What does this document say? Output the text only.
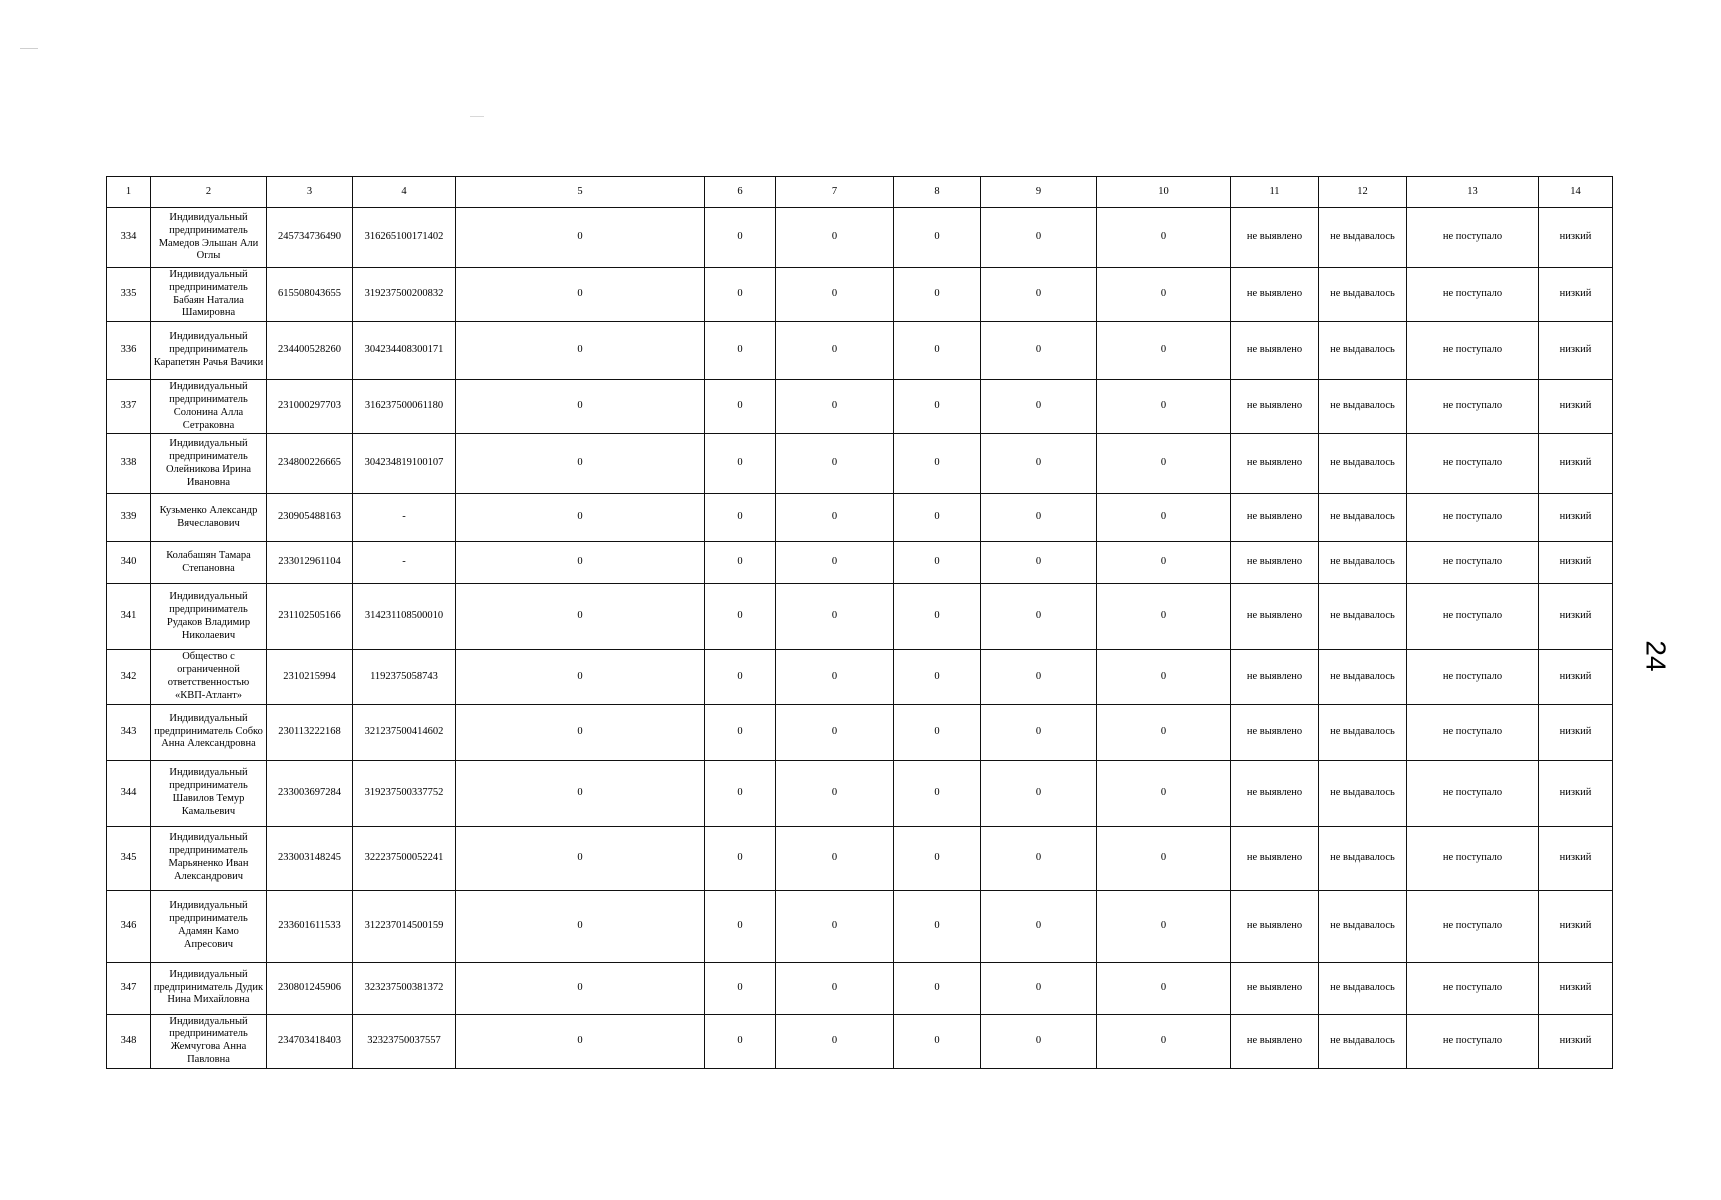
1	2	3	4	5	6	7	8	9	10	11	12	13	14
334	Индивидуальный предприниматель Мамедов Эльшан Али Оглы	245734736490	316265100171402	0	0	0	0	0	0	не выявлено	не выдавалось	не поступало	низкий
335	Индивидуальный предприниматель Бабаян Наталиа Шамировна	615508043655	319237500200832	0	0	0	0	0	0	не выявлено	не выдавалось	не поступало	низкий
336	Индивидуальный предприниматель Карапетян Рачья Вачики	234400528260	304234408300171	0	0	0	0	0	0	не выявлено	не выдавалось	не поступало	низкий
337	Индивидуальный предприниматель Солонина Алла Сетраковна	231000297703	316237500061180	0	0	0	0	0	0	не выявлено	не выдавалось	не поступало	низкий
338	Индивидуальный предприниматель Олейникова Ирина Ивановна	234800226665	304234819100107	0	0	0	0	0	0	не выявлено	не выдавалось	не поступало	низкий
339	Кузьменко Александр Вячеславович	230905488163	-	0	0	0	0	0	0	не выявлено	не выдавалось	не поступало	низкий
340	Колабашян Тамара Степановна	233012961104	-	0	0	0	0	0	0	не выявлено	не выдавалось	не поступало	низкий
341	Индивидуальный предприниматель Рудаков Владимир Николаевич	231102505166	314231108500010	0	0	0	0	0	0	не выявлено	не выдавалось	не поступало	низкий
342	Общество с ограниченной ответственностью «КВП-Атлант»	2310215994	1192375058743	0	0	0	0	0	0	не выявлено	не выдавалось	не поступало	низкий
343	Индивидуальный предприниматель Собко Анна Александровна	230113222168	321237500414602	0	0	0	0	0	0	не выявлено	не выдавалось	не поступало	низкий
344	Индивидуальный предприниматель Шавилов Темур Камальевич	233003697284	319237500337752	0	0	0	0	0	0	не выявлено	не выдавалось	не поступало	низкий
345	Индивидуальный предприниматель Марьяненко Иван Александрович	233003148245	322237500052241	0	0	0	0	0	0	не выявлено	не выдавалось	не поступало	низкий
346	Индивидуальный предприниматель Адамян Камо Апресович	233601611533	312237014500159	0	0	0	0	0	0	не выявлено	не выдавалось	не поступало	низкий
347	Индивидуальный предприниматель Дудик Нина Михайловна	230801245906	323237500381372	0	0	0	0	0	0	не выявлено	не выдавалось	не поступало	низкий
348	Индивидуальный предприниматель Жемчугова Анна Павловна	234703418403	32323750037557	0	0	0	0	0	0	не выявлено	не выдавалось	не поступало	низкий
24
